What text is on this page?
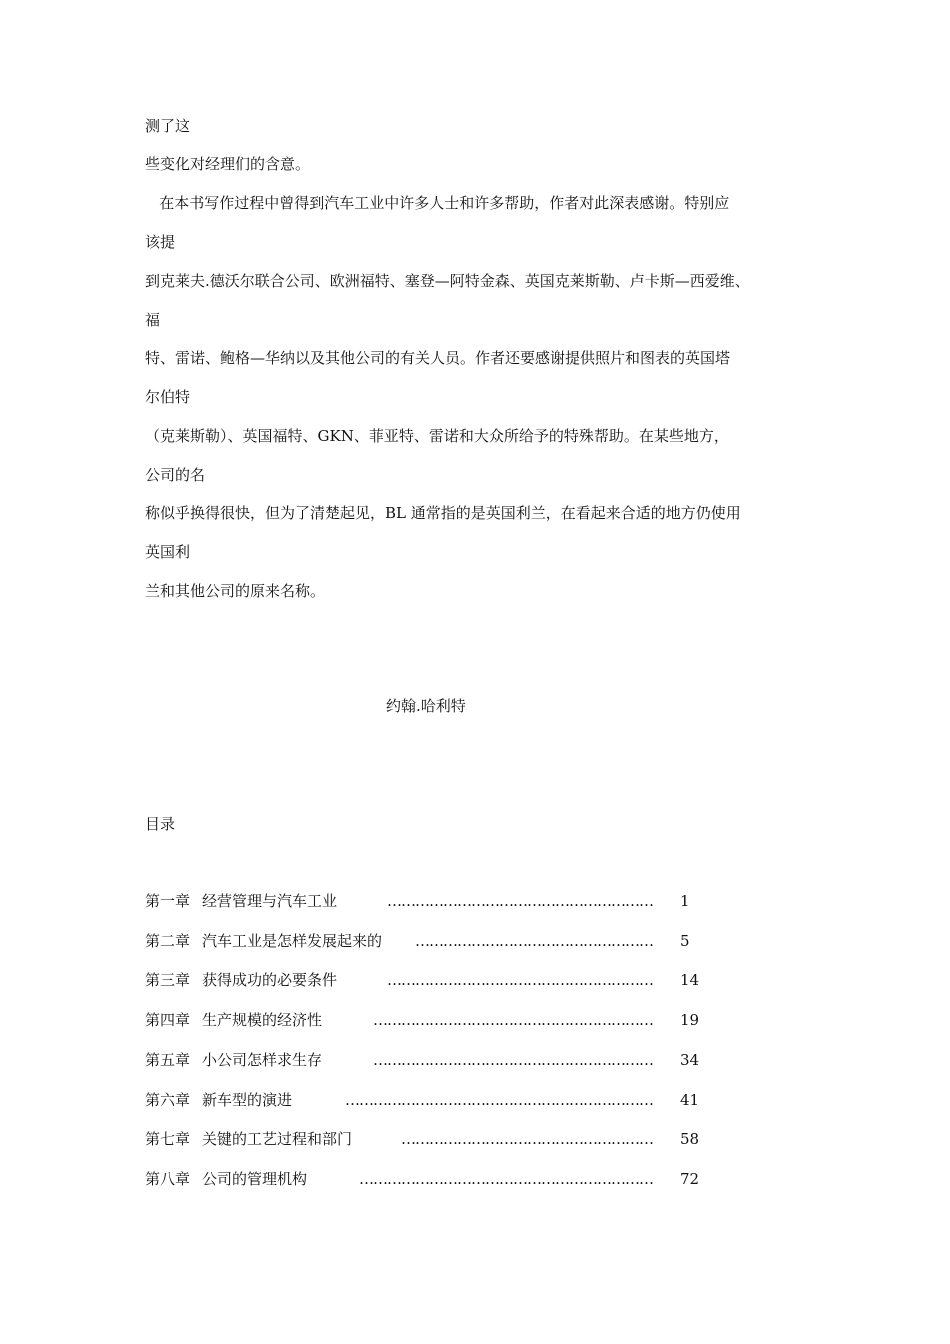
测了这
些变化对经理们的含意。
在本书写作过程中曾得到汽车工业中许多人士和许多帮助，作者对此深表感谢。特别应
该提
到克莱夫.德沃尔联合公司、欧洲福特、塞登—阿特金森、英国克莱斯勒、卢卡斯—西爱维、
福
特、雷诺、鲍格—华纳以及其他公司的有关人员。作者还要感谢提供照片和图表的英国塔
尔伯特
（克莱斯勒）、英国福特、GKN、菲亚特、雷诺和大众所给予的特殊帮助。在某些地方，
公司的名
称似乎换得很快，但为了清楚起见，BL 通常指的是英国利兰，在看起来合适的地方仍使用
英国利
兰和其他公司的原来名称。
约翰.哈利特
目录
第一章 经营管理与汽车工业	………………………………………………… 1
第二章 汽车工业是怎样发展起来的	…………………………………………… 5
第三章 获得成功的必要条件	………………………………………………… 14
第四章 生产规模的经济性	…………………………………………………… 19
第五章 小公司怎样求生存	…………………………………………………… 34
第六章 新车型的演进	………………………………………………………… 41
第七章 关键的工艺过程和部门	……………………………………………… 58
第八章 公司的管理机构	……………………………………………………… 72
